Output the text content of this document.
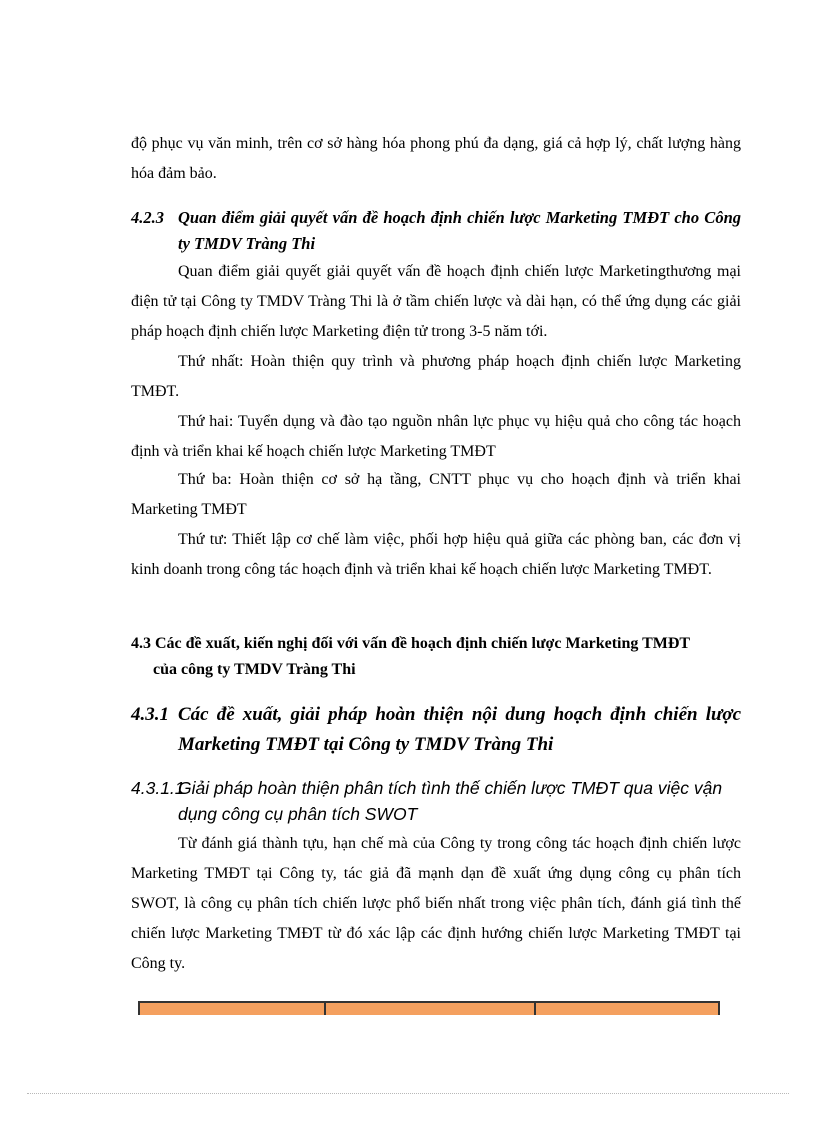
độ phục vụ văn minh, trên cơ sở hàng hóa phong phú đa dạng, giá cả hợp lý, chất lượng hàng hóa đảm bảo.

4.2.3 Quan điểm giải quyết vấn đề hoạch định chiến lược Marketing TMĐT cho Công ty TMDV Tràng Thi

Quan điểm giải quyết giải quyết vấn đề hoạch định chiến lược Marketingthương mại điện tử tại Công ty TMDV Tràng Thi là ở tầm chiến lược và dài hạn, có thể ứng dụng các giải pháp hoạch định chiến lược Marketing điện tử trong 3-5 năm tới.

Thứ nhất: Hoàn thiện quy trình và phương pháp hoạch định chiến lược Marketing TMĐT.

Thứ hai: Tuyển dụng và đào tạo nguồn nhân lực phục vụ hiệu quả cho công tác hoạch định và triển khai kế hoạch chiến lược Marketing TMĐT

Thứ ba: Hoàn thiện cơ sở hạ tầng, CNTT phục vụ cho hoạch định và triển khai Marketing TMĐT

Thứ tư: Thiết lập cơ chế làm việc, phối hợp hiệu quả giữa các phòng ban, các đơn vị kinh doanh trong công tác hoạch định và triển khai kế hoạch chiến lược Marketing TMĐT.

4.3 Các đề xuất, kiến nghị đối với vấn đề hoạch định chiến lược Marketing TMĐT
của công ty TMDV Tràng Thi
4.3.1 Các đề xuất, giải pháp hoàn thiện nội dung hoạch định chiến lược Marketing TMĐT tại Công ty TMDV Tràng Thi
4.3.1.1
Giải pháp hoàn thiện phân tích tình thế chiến lược TMĐT qua việc vận
dụng công cụ phân tích SWOT

Từ đánh giá thành tựu, hạn chế mà của Công ty trong công tác hoạch định chiến lược Marketing TMĐT tại Công ty, tác giả đã mạnh dạn đề xuất ứng dụng công cụ phân tích SWOT, là công cụ phân tích chiến lược phổ biến nhất trong việc phân tích, đánh giá tình thế chiến lược Marketing TMĐT từ đó xác lập các định hướng chiến lược Marketing TMĐT tại Công ty.
